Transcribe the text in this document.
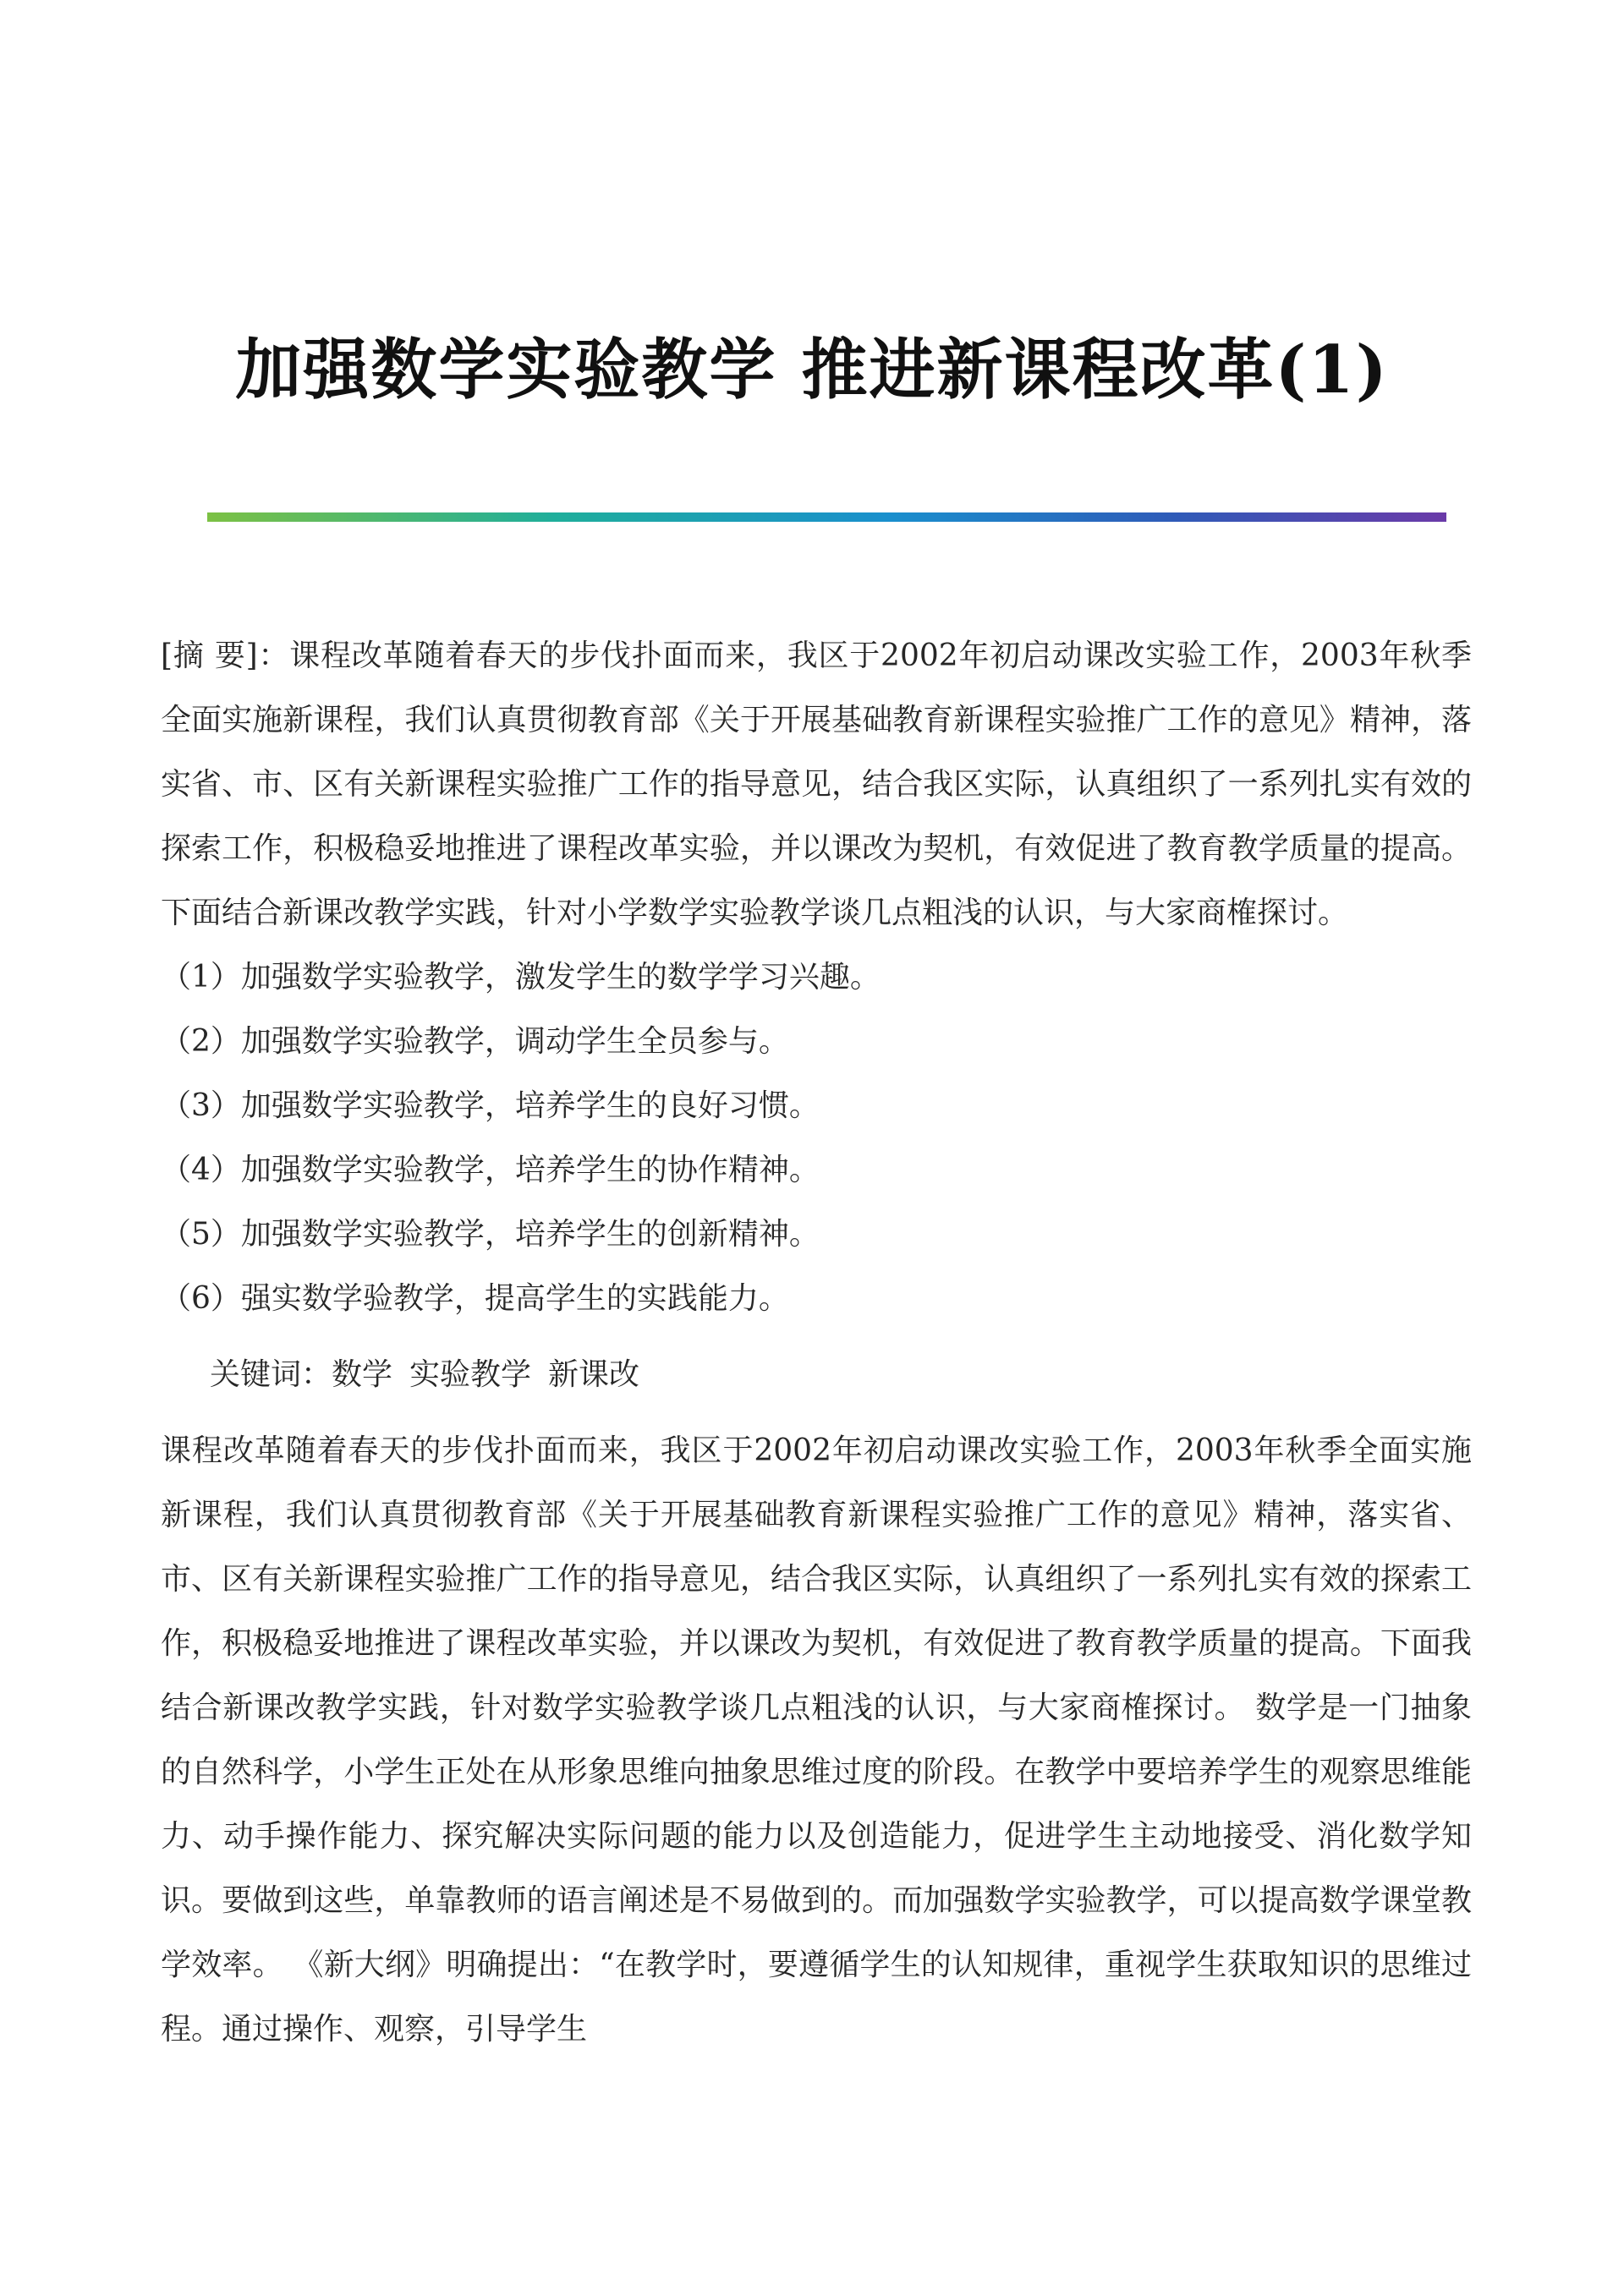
加强数学实验教学 推进新课程改革(1)

[摘 要]：课程改革随着春天的步伐扑面而来，我区于2002年初启动课改实验工作，2003年秋季全面实施新课程，我们认真贯彻教育部《关于开展基础教育新课程实验推广工作的意见》精神，落实省、市、区有关新课程实验推广工作的指导意见，结合我区实际，认真组织了一系列扎实有效的探索工作，积极稳妥地推进了课程改革实验，并以课改为契机，有效促进了教育教学质量的提高。下面结合新课改教学实践，针对小学数学实验教学谈几点粗浅的认识，与大家商榷探讨。

（1）加强数学实验教学，激发学生的数学学习兴趣。
（2）加强数学实验教学，调动学生全员参与。
（3）加强数学实验教学，培养学生的良好习惯。
（4）加强数学实验教学，培养学生的协作精神。
（5）加强数学实验教学，培养学生的创新精神。
（6）强实数学验教学，提高学生的实践能力。

关键词：数学 实验教学 新课改

课程改革随着春天的步伐扑面而来，我区于2002年初启动课改实验工作，2003年秋季全面实施新课程，我们认真贯彻教育部《关于开展基础教育新课程实验推广工作的意见》精神，落实省、市、区有关新课程实验推广工作的指导意见，结合我区实际，认真组织了一系列扎实有效的探索工作，积极稳妥地推进了课程改革实验，并以课改为契机，有效促进了教育教学质量的提高。下面我结合新课改教学实践，针对数学实验教学谈几点粗浅的认识，与大家商榷探讨。 数学是一门抽象的自然科学，小学生正处在从形象思维向抽象思维过度的阶段。在教学中要培养学生的观察思维能力、动手操作能力、探究解决实际问题的能力以及创造能力，促进学生主动地接受、消化数学知识。要做到这些，单靠教师的语言阐述是不易做到的。而加强数学实验教学，可以提高数学课堂教学效率。 《新大纲》明确提出：“在教学时，要遵循学生的认知规律，重视学生获取知识的思维过程。通过操作、观察，引导学生
